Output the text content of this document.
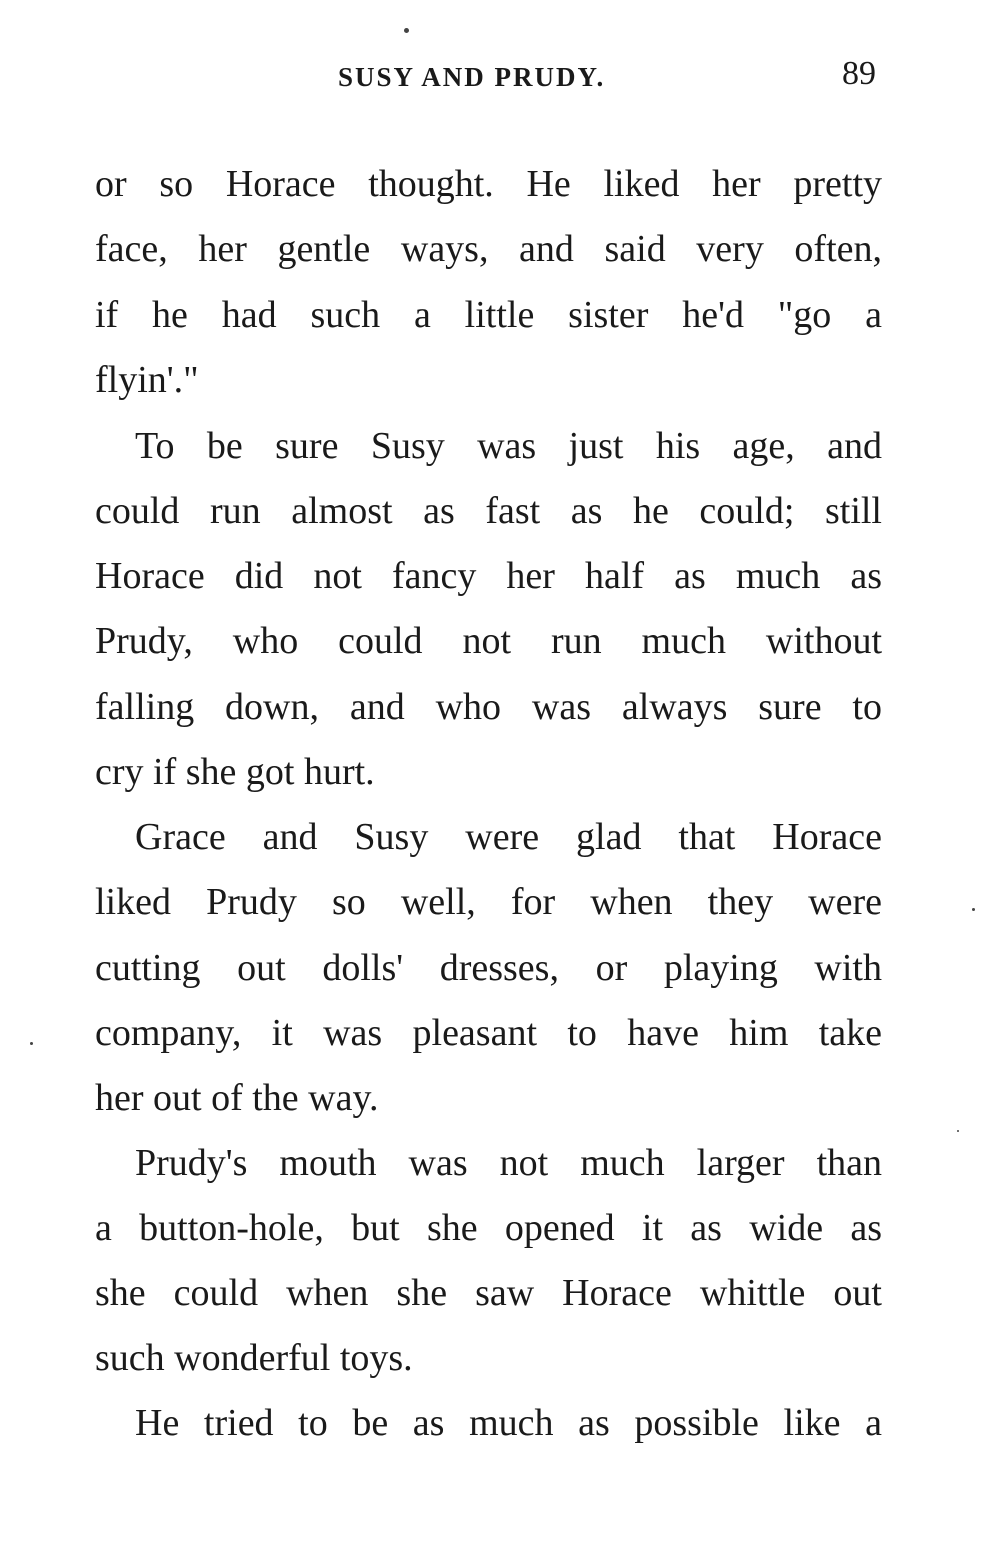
SUSY AND PRUDY.	89
or so Horace thought. He liked her pretty
face, her gentle ways, and said very often,
if he had such a little sister he'd "go a
flyin'."
To be sure Susy was just his age, and
could run almost as fast as he could; still
Horace did not fancy her half as much as
Prudy, who could not run much without
falling down, and who was always sure to
cry if she got hurt.
Grace and Susy were glad that Horace
liked Prudy so well, for when they were
cutting out dolls' dresses, or playing with
company, it was pleasant to have him take
her out of the way.
Prudy's mouth was not much larger than
a button-hole, but she opened it as wide as
she could when she saw Horace whittle out
such wonderful toys.
He tried to be as much as possible like a
